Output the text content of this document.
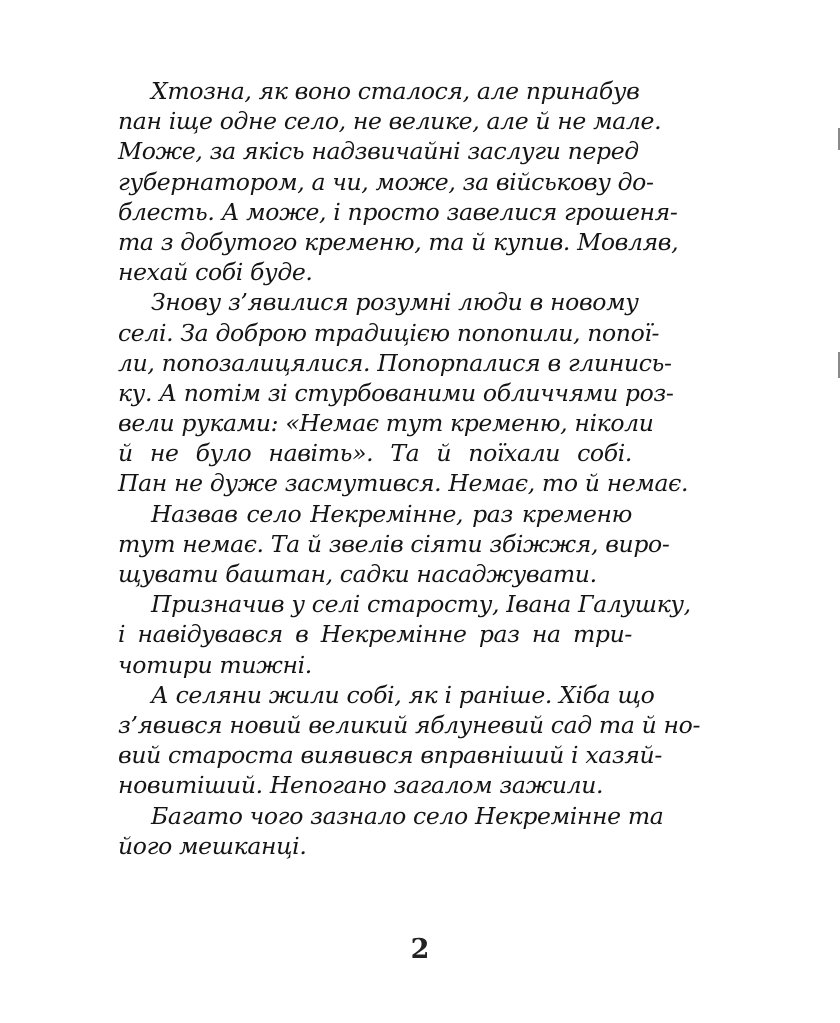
Хтозна, як воно сталося, але принабув
пан іще одне село, не велике, але й не мале.
Може, за якісь надзвичайні заслуги перед
губернатором, а чи, може, за військову до-
блесть. А може, і просто завелися грошеня-
та з добутого кременю, та й купив. Мовляв,
нехай собі буде.
Знову з’явилися розумні люди в новому
селі. За доброю традицією попопили, попої-
ли, попозалицялися. Попорпалися в глинись-
ку. А потім зі стурбованими обличчями роз-
вели руками: «Немає тут кременю, ніколи
й не було навіть». Та й поїхали собі.
Пан не дуже засмутився. Немає, то й немає.
Назвав село Некремінне, раз кременю
тут немає. Та й звелів сіяти збіжжя, виро-
щувати баштан, садки насаджувати.
Призначив у селі старосту, Івана Галушку,
і навідувався в Некремінне раз на три-
чотири тижні.
А селяни жили собі, як і раніше. Хіба що
з’явився новий великий яблуневий сад та й но-
вий староста виявився вправніший і хазяй-
новитіший. Непогано загалом зажили.
Багато чого зазнало село Некремінне та
його мешканці.
2
